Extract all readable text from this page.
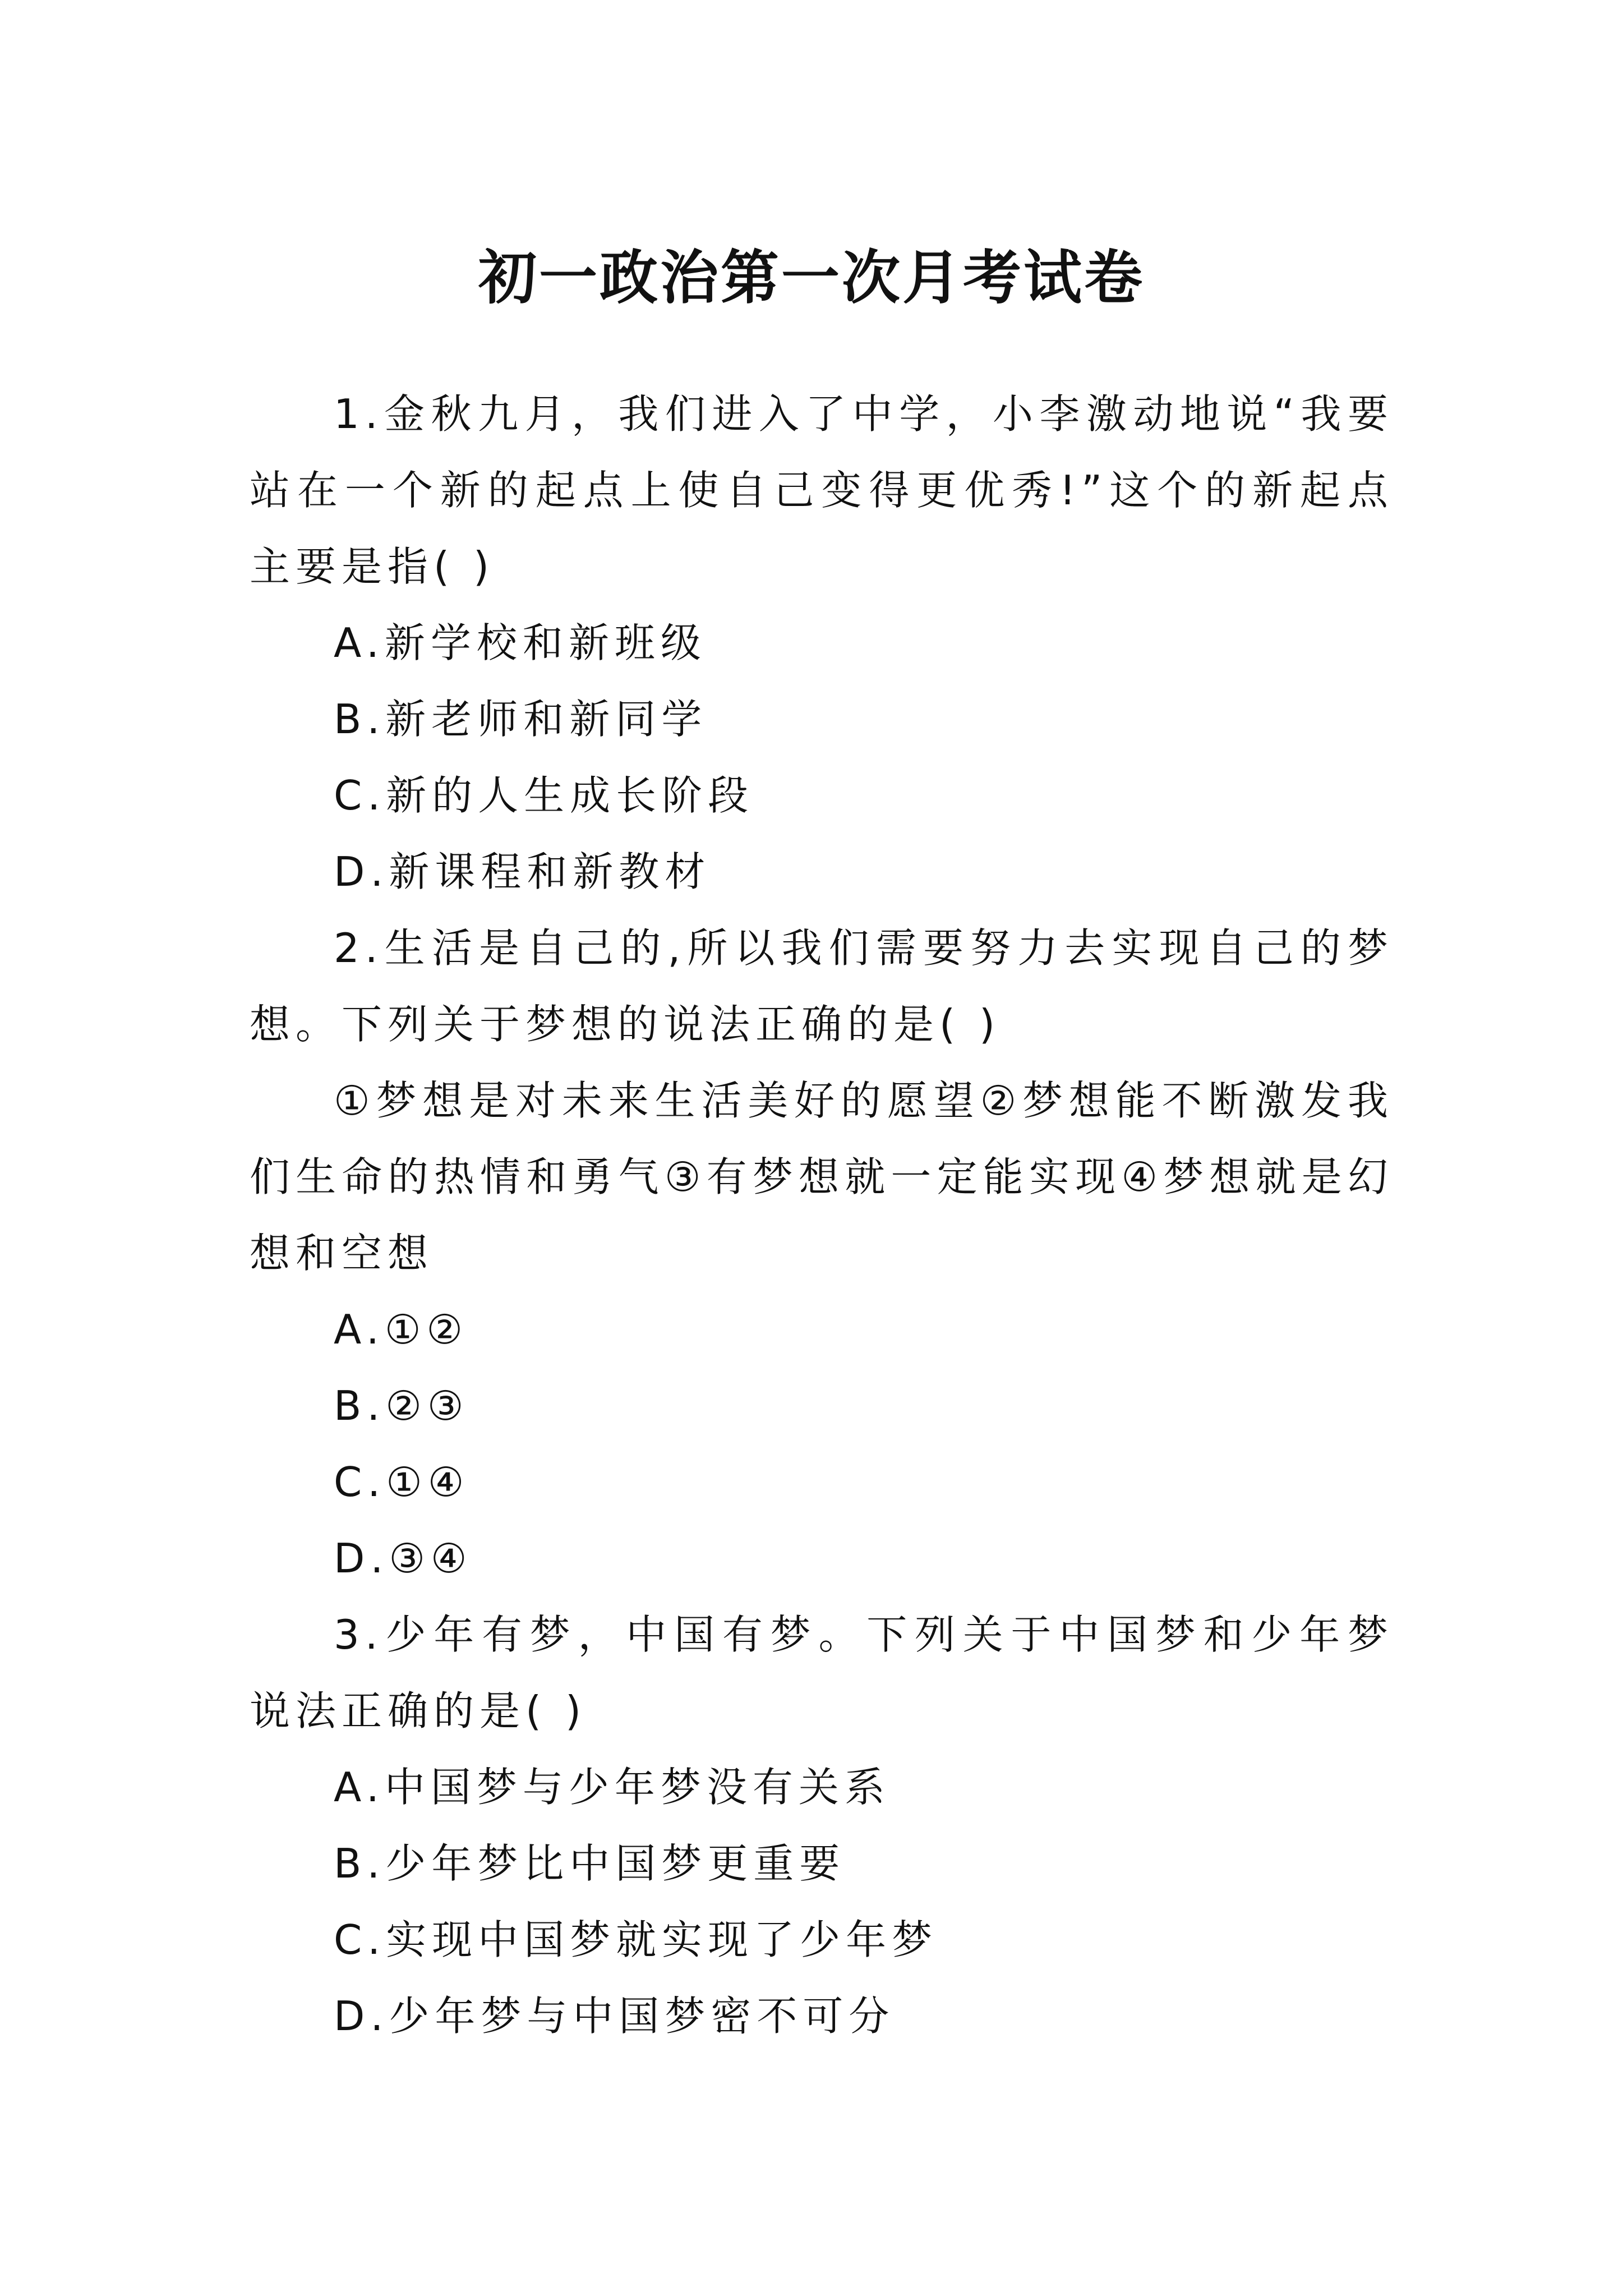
初一政治第一次月考试卷

1.金秋九月，我们进入了中学，小李激动地说“我要站在一个新的起点上使自己变得更优秀!”这个的新起点主要是指( )

A.新学校和新班级

B.新老师和新同学

C.新的人生成长阶段

D.新课程和新教材

2.生活是自己的,所以我们需要努力去实现自己的梦想。下列关于梦想的说法正确的是( )

①梦想是对未来生活美好的愿望②梦想能不断激发我们生命的热情和勇气③有梦想就一定能实现④梦想就是幻想和空想

A.①②

B.②③

C.①④

D.③④

3.少年有梦，中国有梦。下列关于中国梦和少年梦说法正确的是( )

A.中国梦与少年梦没有关系

B.少年梦比中国梦更重要

C.实现中国梦就实现了少年梦

D.少年梦与中国梦密不可分
